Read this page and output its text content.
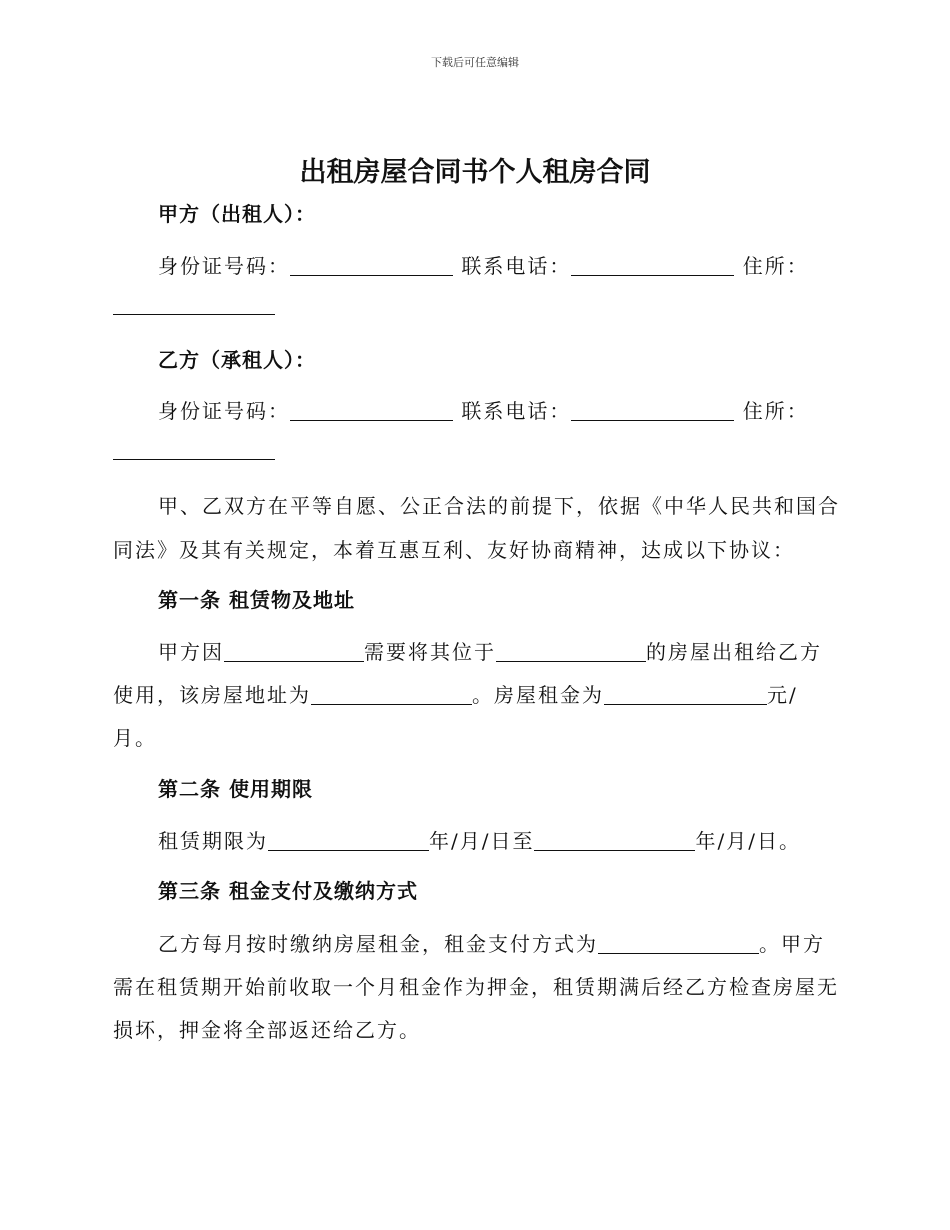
下载后可任意编辑
出租房屋合同书个人租房合同
甲方（出租人）：
身份证号码：	联系电话：	住所：
乙方（承租人）：
身份证号码：	联系电话：	住所：
甲、乙双方在平等自愿、公正合法的前提下，依据《中华人民共和国合
同法》及其有关规定，本着互惠互利、友好协商精神，达成以下协议：
第一条 租赁物及地址
甲方因	需要将其位于	的房屋出租给乙方
使用，该房屋地址为	。房屋租金为	元/
月。
第二条 使用期限
租赁期限为	年/月/日至	年/月/日。
第三条 租金支付及缴纳方式
乙方每月按时缴纳房屋租金，租金支付方式为	。甲方
需在租赁期开始前收取一个月租金作为押金，租赁期满后经乙方检查房屋无
损坏，押金将全部返还给乙方。
